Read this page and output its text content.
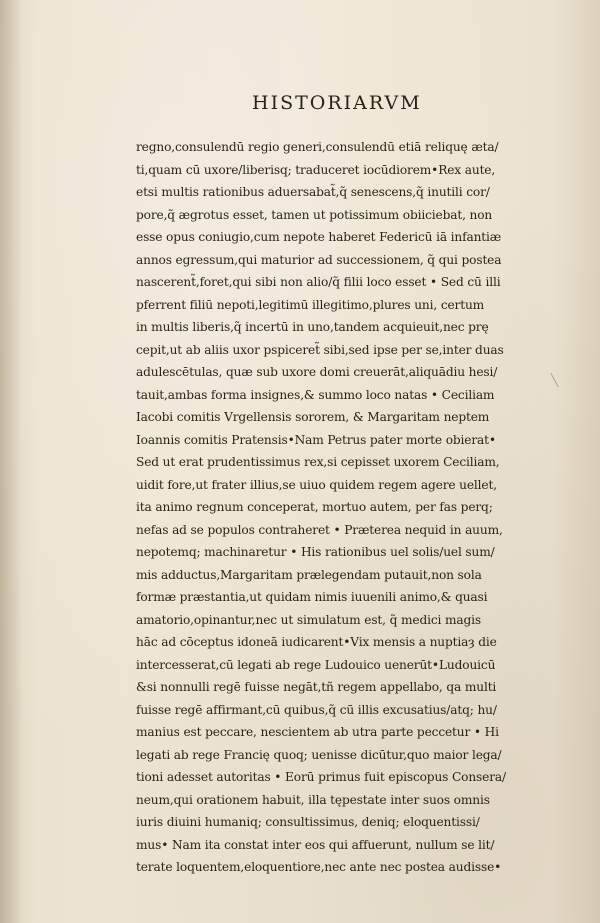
HISTORIARVM
regno,consulendū regio generi,consulendū etiā reliquę æta∕
ti,quam cū uxore/liberisq; traduceret iocūdiorem•Rex aute,
etsi multis rationibus aduersabat̃,q̃ senescens,q̃ inutili cor∕
pore,q̃ ægrotus esset, tamen ut potissimum obiiciebat, non
esse opus coniugio,cum nepote haberet Federicū iā infantiæ
annos egressum,qui maturior ad successionem, q̃ qui postea
nascerent̃,foret,qui sibi non alio/q̃ filii loco esset • Sed cū illi
pferrent filiū nepoti,legitimū illegitimo,plures uni, certum
in multis liberis,q̃ incertū in uno,tandem acquieuit,nec prę
cepit,ut ab aliis uxor pspiceret̃ sibi,sed ipse per se,inter duas
adulescētulas, quæ sub uxore domi creuerāt,aliquādiu hesi∕
tauit,ambas forma insignes,& summo loco natas • Ceciliam
Iacobi comitis Vrgellensis sororem, & Margaritam neptem
Ioannis comitis Pratensis•Nam Petrus pater morte obierat•
Sed ut erat prudentissimus rex,si cepisset uxorem Ceciliam,
uidit fore,ut frater illius,se uiuo quidem regem agere uellet,
ita animo regnum conceperat, mortuo autem, per fas perq;
nefas ad se populos contraheret • Præterea nequid in auum,
nepotemq; machinaretur • His rationibus uel solis/uel sum∕
mis adductus,Margaritam prælegendam putauit,non sola
formæ præstantia,ut quidam nimis iuuenili animo,& quasi
amatorio,opinantur,nec ut simulatum est, q̃ medici magis
hāc ad cōceptus idoneā iudicarent•Vix mensis a nuptiaȝ die
intercesserat,cū legati ab rege Ludouico uenerūt•Ludouicū
&si nonnulli regē fuisse negāt,tñ regem appellabo, qa multi
fuisse regē affirmant,cū quibus,q̃ cū illis excusatius/atq; hu∕
manius est peccare, nescientem ab utra parte peccetur • Hi
legati ab rege Francię quoq; uenisse dicūtur,quo maior lega∕
tioni adesset autoritas • Eorū primus fuit episcopus Consera∕
neum,qui orationem habuit, illa tępestate inter suos omnis
iuris diuini humaniq; consultissimus, deniq; eloquentissi∕
mus• Nam ita constat inter eos qui affuerunt, nullum se lit∕
terate loquentem,eloquentiore,nec ante nec postea audisse•
